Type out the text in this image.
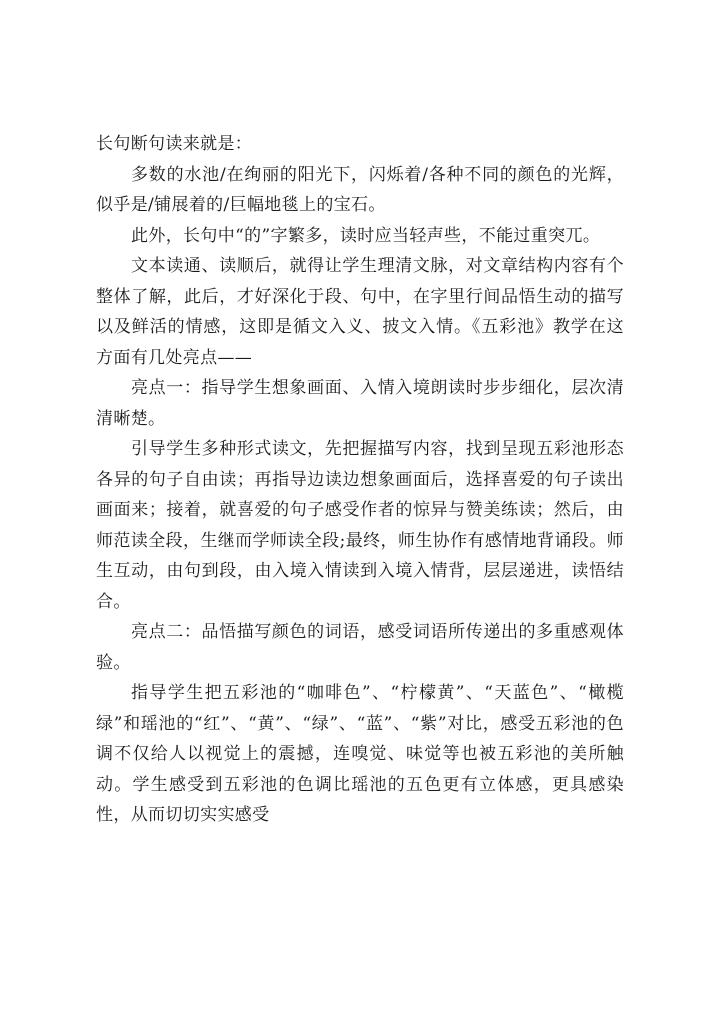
长句断句读来就是：

多数的水池/在绚丽的阳光下，闪烁着/各种不同的颜色的光辉，似乎是/铺展着的/巨幅地毯上的宝石。

此外，长句中“的”字繁多，读时应当轻声些，不能过重突兀。

文本读通、读顺后，就得让学生理清文脉，对文章结构内容有个整体了解，此后，才好深化于段、句中，在字里行间品悟生动的描写以及鲜活的情感，这即是循文入义、披文入情。《五彩池》教学在这方面有几处亮点——

亮点一：指导学生想象画面、入情入境朗读时步步细化，层次清清晰楚。

引导学生多种形式读文，先把握描写内容，找到呈现五彩池形态各异的句子自由读；再指导边读边想象画面后，选择喜爱的句子读出画面来；接着，就喜爱的句子感受作者的惊异与赞美练读；然后，由师范读全段，生继而学师读全段;最终，师生协作有感情地背诵段。师生互动，由句到段，由入境入情读到入境入情背，层层递进，读悟结合。

亮点二：品悟描写颜色的词语，感受词语所传递出的多重感观体验。

指导学生把五彩池的“咖啡色”、“柠檬黄”、“天蓝色”、“橄榄绿”和瑶池的“红”、“黄”、“绿”、“蓝”、“紫”对比，感受五彩池的色调不仅给人以视觉上的震撼，连嗅觉、味觉等也被五彩池的美所触动。学生感受到五彩池的色调比瑶池的五色更有立体感，更具感染性，从而切切实实感受
